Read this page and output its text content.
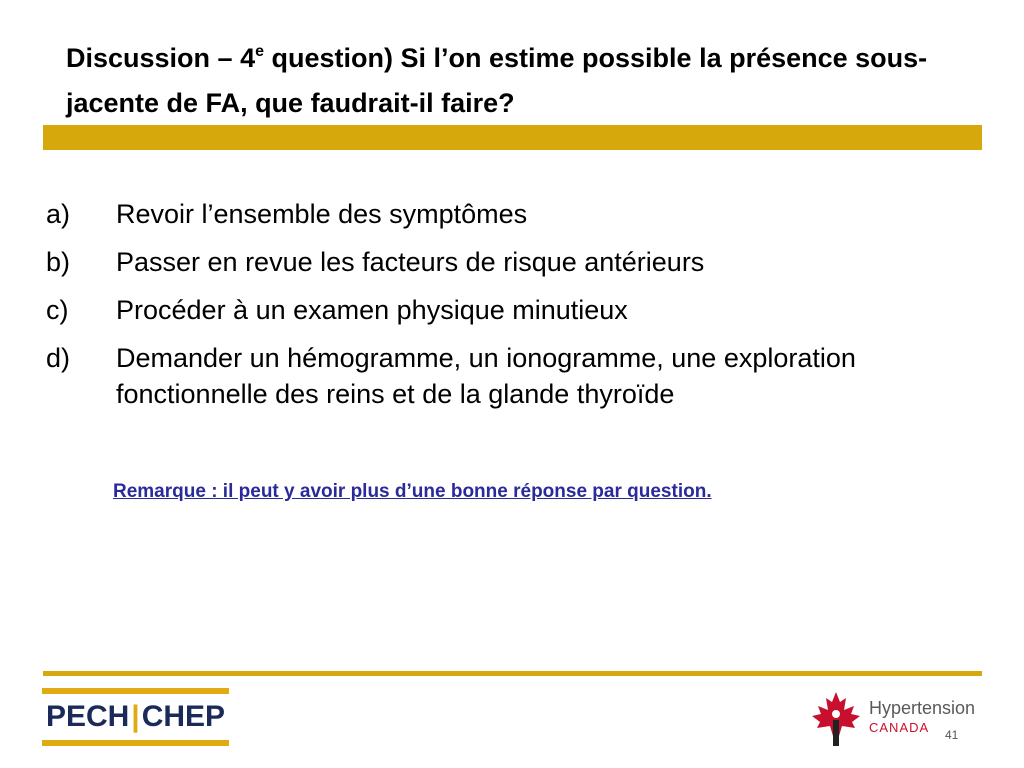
Discussion – 4e question) Si l’on estime possible la présence sous-jacente de FA, que faudrait-il faire?
a) Revoir l’ensemble des symptômes
b) Passer en revue les facteurs de risque antérieurs
c) Procéder à un examen physique minutieux
d) Demander un hémogramme, un ionogramme, une exploration fonctionnelle des reins et de la glande thyroïde
Remarque : il peut y avoir plus d’une bonne réponse par question.
PECH|CHEP	Hypertension
CANADA 41
